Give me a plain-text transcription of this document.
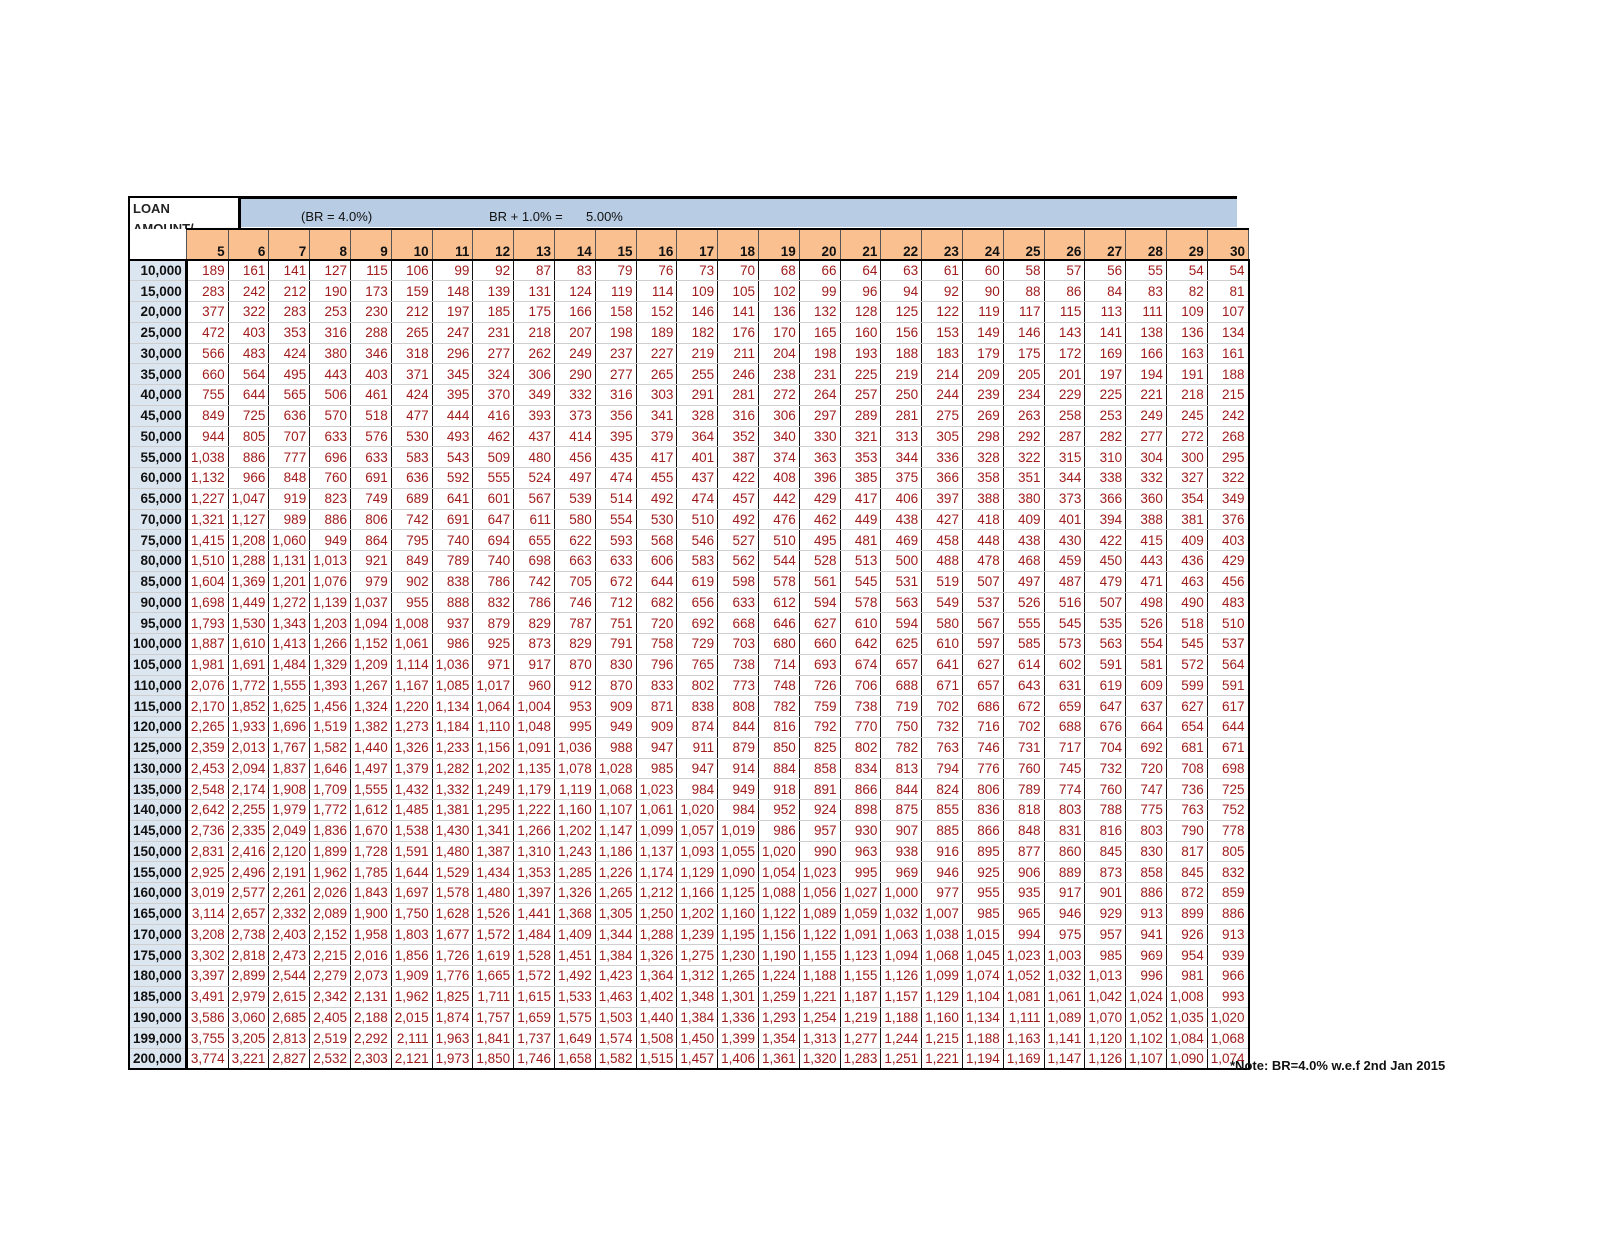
LOAN
(BR = 4.0%)	BR + 1.0% = 5.00%
	5	6	7	8	9	10	11	12	13	14	15	16	17	18	19	20	21	22	23	24	25	26	27	28	29	30
10,000	189	161	141	127	115	106	99	92	87	83	79	76	73	70	68	66	64	63	61	60	58	57	56	55	54	54
15,000	283	242	212	190	173	159	148	139	131	124	119	114	109	105	102	99	96	94	92	90	88	86	84	83	82	81
20,000	377	322	283	253	230	212	197	185	175	166	158	152	146	141	136	132	128	125	122	119	117	115	113	111	109	107
25,000	472	403	353	316	288	265	247	231	218	207	198	189	182	176	170	165	160	156	153	149	146	143	141	138	136	134
30,000	566	483	424	380	346	318	296	277	262	249	237	227	219	211	204	198	193	188	183	179	175	172	169	166	163	161
35,000	660	564	495	443	403	371	345	324	306	290	277	265	255	246	238	231	225	219	214	209	205	201	197	194	191	188
40,000	755	644	565	506	461	424	395	370	349	332	316	303	291	281	272	264	257	250	244	239	234	229	225	221	218	215
45,000	849	725	636	570	518	477	444	416	393	373	356	341	328	316	306	297	289	281	275	269	263	258	253	249	245	242
50,000	944	805	707	633	576	530	493	462	437	414	395	379	364	352	340	330	321	313	305	298	292	287	282	277	272	268
55,000	1,038	886	777	696	633	583	543	509	480	456	435	417	401	387	374	363	353	344	336	328	322	315	310	304	300	295
60,000	1,132	966	848	760	691	636	592	555	524	497	474	455	437	422	408	396	385	375	366	358	351	344	338	332	327	322
65,000	1,227	1,047	919	823	749	689	641	601	567	539	514	492	474	457	442	429	417	406	397	388	380	373	366	360	354	349
70,000	1,321	1,127	989	886	806	742	691	647	611	580	554	530	510	492	476	462	449	438	427	418	409	401	394	388	381	376
75,000	1,415	1,208	1,060	949	864	795	740	694	655	622	593	568	546	527	510	495	481	469	458	448	438	430	422	415	409	403
80,000	1,510	1,288	1,131	1,013	921	849	789	740	698	663	633	606	583	562	544	528	513	500	488	478	468	459	450	443	436	429
85,000	1,604	1,369	1,201	1,076	979	902	838	786	742	705	672	644	619	598	578	561	545	531	519	507	497	487	479	471	463	456
90,000	1,698	1,449	1,272	1,139	1,037	955	888	832	786	746	712	682	656	633	612	594	578	563	549	537	526	516	507	498	490	483
95,000	1,793	1,530	1,343	1,203	1,094	1,008	937	879	829	787	751	720	692	668	646	627	610	594	580	567	555	545	535	526	518	510
100,000	1,887	1,610	1,413	1,266	1,152	1,061	986	925	873	829	791	758	729	703	680	660	642	625	610	597	585	573	563	554	545	537
105,000	1,981	1,691	1,484	1,329	1,209	1,114	1,036	971	917	870	830	796	765	738	714	693	674	657	641	627	614	602	591	581	572	564
110,000	2,076	1,772	1,555	1,393	1,267	1,167	1,085	1,017	960	912	870	833	802	773	748	726	706	688	671	657	643	631	619	609	599	591
115,000	2,170	1,852	1,625	1,456	1,324	1,220	1,134	1,064	1,004	953	909	871	838	808	782	759	738	719	702	686	672	659	647	637	627	617
120,000	2,265	1,933	1,696	1,519	1,382	1,273	1,184	1,110	1,048	995	949	909	874	844	816	792	770	750	732	716	702	688	676	664	654	644
125,000	2,359	2,013	1,767	1,582	1,440	1,326	1,233	1,156	1,091	1,036	988	947	911	879	850	825	802	782	763	746	731	717	704	692	681	671
130,000	2,453	2,094	1,837	1,646	1,497	1,379	1,282	1,202	1,135	1,078	1,028	985	947	914	884	858	834	813	794	776	760	745	732	720	708	698
135,000	2,548	2,174	1,908	1,709	1,555	1,432	1,332	1,249	1,179	1,119	1,068	1,023	984	949	918	891	866	844	824	806	789	774	760	747	736	725
140,000	2,642	2,255	1,979	1,772	1,612	1,485	1,381	1,295	1,222	1,160	1,107	1,061	1,020	984	952	924	898	875	855	836	818	803	788	775	763	752
145,000	2,736	2,335	2,049	1,836	1,670	1,538	1,430	1,341	1,266	1,202	1,147	1,099	1,057	1,019	986	957	930	907	885	866	848	831	816	803	790	778
150,000	2,831	2,416	2,120	1,899	1,728	1,591	1,480	1,387	1,310	1,243	1,186	1,137	1,093	1,055	1,020	990	963	938	916	895	877	860	845	830	817	805
155,000	2,925	2,496	2,191	1,962	1,785	1,644	1,529	1,434	1,353	1,285	1,226	1,174	1,129	1,090	1,054	1,023	995	969	946	925	906	889	873	858	845	832
160,000	3,019	2,577	2,261	2,026	1,843	1,697	1,578	1,480	1,397	1,326	1,265	1,212	1,166	1,125	1,088	1,056	1,027	1,000	977	955	935	917	901	886	872	859
165,000	3,114	2,657	2,332	2,089	1,900	1,750	1,628	1,526	1,441	1,368	1,305	1,250	1,202	1,160	1,122	1,089	1,059	1,032	1,007	985	965	946	929	913	899	886
170,000	3,208	2,738	2,403	2,152	1,958	1,803	1,677	1,572	1,484	1,409	1,344	1,288	1,239	1,195	1,156	1,122	1,091	1,063	1,038	1,015	994	975	957	941	926	913
175,000	3,302	2,818	2,473	2,215	2,016	1,856	1,726	1,619	1,528	1,451	1,384	1,326	1,275	1,230	1,190	1,155	1,123	1,094	1,068	1,045	1,023	1,003	985	969	954	939
180,000	3,397	2,899	2,544	2,279	2,073	1,909	1,776	1,665	1,572	1,492	1,423	1,364	1,312	1,265	1,224	1,188	1,155	1,126	1,099	1,074	1,052	1,032	1,013	996	981	966
185,000	3,491	2,979	2,615	2,342	2,131	1,962	1,825	1,711	1,615	1,533	1,463	1,402	1,348	1,301	1,259	1,221	1,187	1,157	1,129	1,104	1,081	1,061	1,042	1,024	1,008	993
190,000	3,586	3,060	2,685	2,405	2,188	2,015	1,874	1,757	1,659	1,575	1,503	1,440	1,384	1,336	1,293	1,254	1,219	1,188	1,160	1,134	1,111	1,089	1,070	1,052	1,035	1,020
199,000	3,755	3,205	2,813	2,519	2,292	2,111	1,963	1,841	1,737	1,649	1,574	1,508	1,450	1,399	1,354	1,313	1,277	1,244	1,215	1,188	1,163	1,141	1,120	1,102	1,084	1,068
200,000	3,774	3,221	2,827	2,532	2,303	2,121	1,973	1,850	1,746	1,658	1,582	1,515	1,457	1,406	1,361	1,320	1,283	1,251	1,221	1,194	1,169	1,147	1,126	1,107	1,090	1,074
*Note: BR=4.0% w.e.f 2nd Jan 2015
